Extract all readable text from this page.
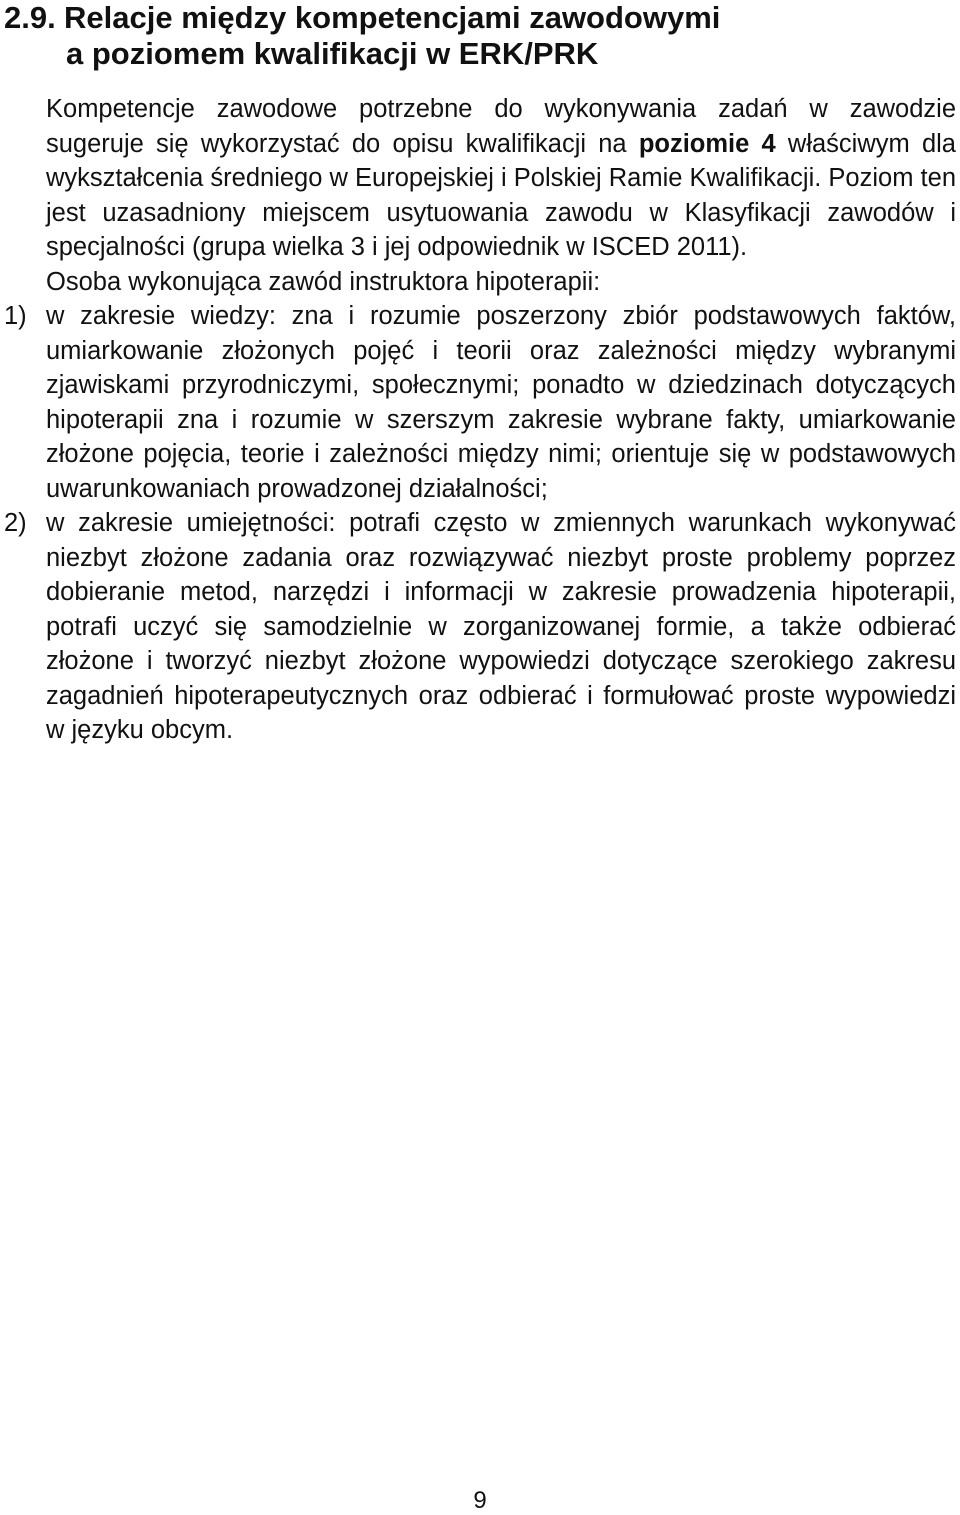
2.9. Relacje między kompetencjami zawodowymi
a poziomem kwalifikacji w ERK/PRK

Kompetencje zawodowe potrzebne do wykonywania zadań w zawodzie sugeruje się wykorzystać do opisu kwalifikacji na poziomie 4 właściwym dla wykształcenia średniego w Europejskiej i Polskiej Ramie Kwalifikacji. Poziom ten jest uzasadniony miejscem usytuowania zawodu w Klasyfikacji zawodów i specjalności (grupa wielka 3 i jej odpowiednik w ISCED 2011).

Osoba wykonująca zawód instruktora hipoterapii:

1) w zakresie wiedzy: zna i rozumie poszerzony zbiór podstawowych faktów, umiarkowanie złożonych pojęć i teorii oraz zależności między wybranymi zjawiskami przyrodniczymi, społecznymi; ponadto w dziedzinach dotyczących hipoterapii zna i rozumie w szerszym zakresie wybrane fakty, umiarkowanie złożone pojęcia, teorie i zależności między nimi; orientuje się w podstawowych uwarunkowaniach prowadzonej działalności;
2) w zakresie umiejętności: potrafi często w zmiennych warunkach wykonywać niezbyt złożone zadania oraz rozwiązywać niezbyt proste problemy poprzez dobieranie metod, narzędzi i informacji w zakresie prowadzenia hipoterapii, potrafi uczyć się samodzielnie w zorganizowanej formie, a także odbierać złożone i tworzyć niezbyt złożone wypowiedzi dotyczące szerokiego zakresu zagadnień hipoterapeutycznych oraz odbierać i formułować proste wypowiedzi w języku obcym.
9
